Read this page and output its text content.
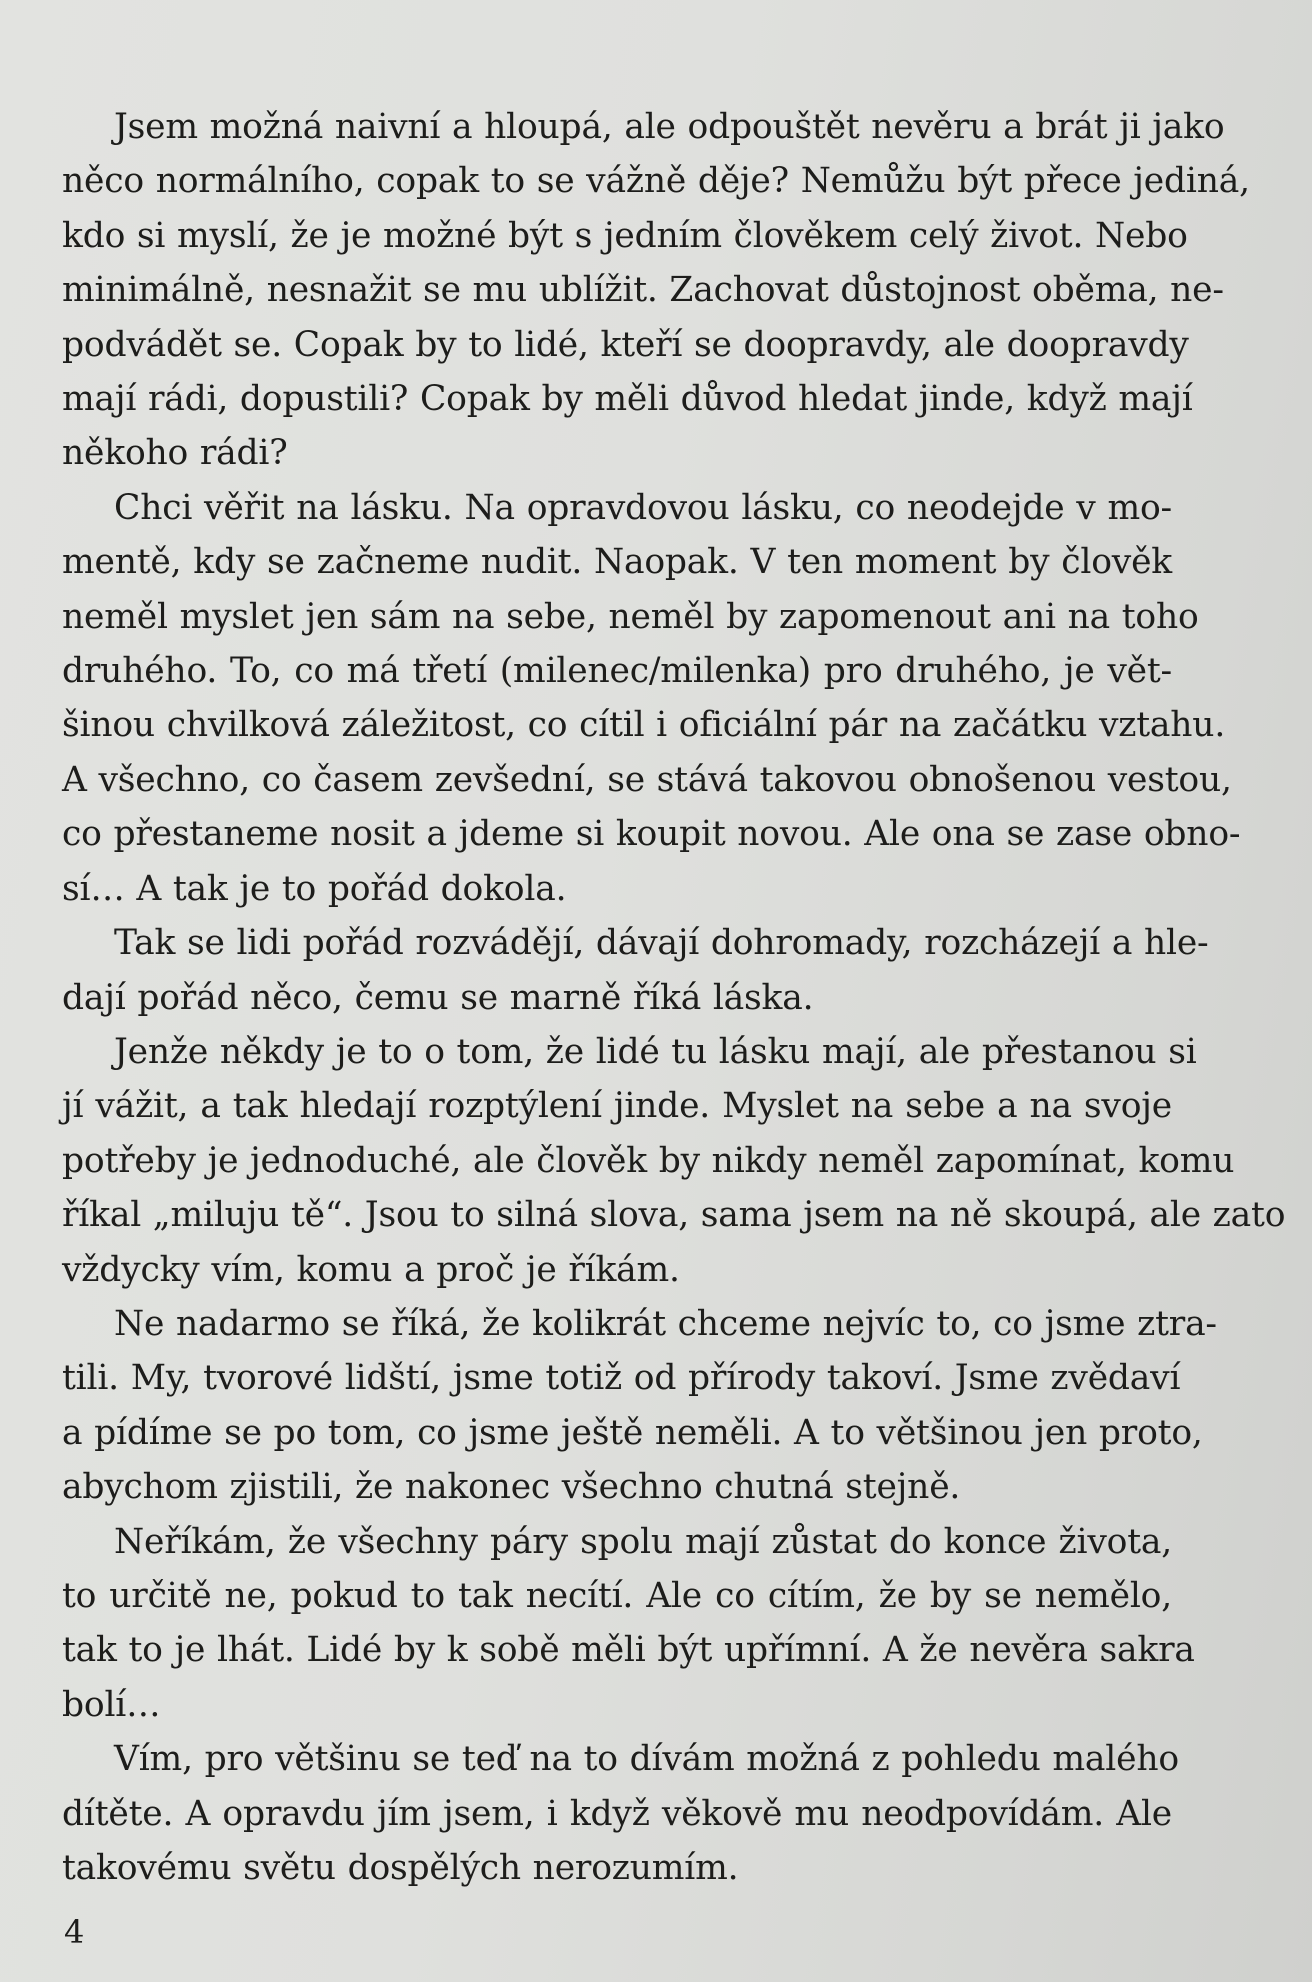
Jsem možná naivní a hloupá, ale odpouštět nevěru a brát ji jako
něco normálního, copak to se vážně děje? Nemůžu být přece jediná,
kdo si myslí, že je možné být s jedním člověkem celý život. Nebo
minimálně, nesnažit se mu ublížit. Zachovat důstojnost oběma, ne-
podvádět se. Copak by to lidé, kteří se doopravdy, ale doopravdy
mají rádi, dopustili? Copak by měli důvod hledat jinde, když mají
někoho rádi?

Chci věřit na lásku. Na opravdovou lásku, co neodejde v mo-
mentě, kdy se začneme nudit. Naopak. V ten moment by člověk
neměl myslet jen sám na sebe, neměl by zapomenout ani na toho
druhého. To, co má třetí (milenec/milenka) pro druhého, je vět-
šinou chvilková záležitost, co cítil i oficiální pár na začátku vztahu.
A všechno, co časem zevšední, se stává takovou obnošenou vestou,
co přestaneme nosit a jdeme si koupit novou. Ale ona se zase obno-
sí… A tak je to pořád dokola.

Tak se lidi pořád rozvádějí, dávají dohromady, rozcházejí a hle-
dají pořád něco, čemu se marně říká láska.

Jenže někdy je to o tom, že lidé tu lásku mají, ale přestanou si
jí vážit, a tak hledají rozptýlení jinde. Myslet na sebe a na svoje
potřeby je jednoduché, ale člověk by nikdy neměl zapomínat, komu
říkal „miluju tě“. Jsou to silná slova, sama jsem na ně skoupá, ale zato
vždycky vím, komu a proč je říkám.

Ne nadarmo se říká, že kolikrát chceme nejvíc to, co jsme ztra-
tili. My, tvorové lidští, jsme totiž od přírody takoví. Jsme zvědaví
a pídíme se po tom, co jsme ještě neměli. A to většinou jen proto,
abychom zjistili, že nakonec všechno chutná stejně.

Neříkám, že všechny páry spolu mají zůstat do konce života,
to určitě ne, pokud to tak necítí. Ale co cítím, že by se nemělo,
tak to je lhát. Lidé by k sobě měli být upřímní. A že nevěra sakra
bolí…

Vím, pro většinu se teď na to dívám možná z pohledu malého
dítěte. A opravdu jím jsem, i když věkově mu neodpovídám. Ale
takovému světu dospělých nerozumím.

4
